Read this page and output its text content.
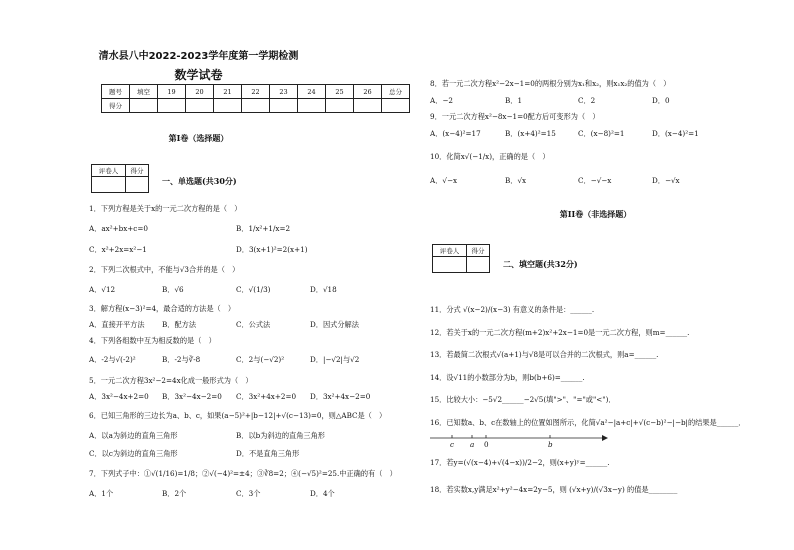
清水县八中2022-2023学年度第一学期检测
数学试卷
题号	填空	19	20	21	22	23	24	25	26	总分
得分										
第I卷（选择题）
评卷人	得分

一、单选题(共30分)
1．下列方程是关于x的一元二次方程的是（　）
A．ax²+bx+c=0	B．1/x²+1/x=2
C．x²+2x=x²−1	D．3(x+1)²=2(x+1)
2．下列二次根式中，不能与√3合并的是（　）
A．√12	B．√6	C．√(1/3)	D．√18
3．解方程(x−3)²=4，最合适的方法是（　）
A．直接开平方法 B．配方法	C．公式法	D．因式分解法
4．下列各组数中互为相反数的是（　）
A．-2与√(-2)²	B．-2与∛-8	C．2与(−√2)²	D．|−√2|与√2
5．一元二次方程3x²−2=4x化成一般形式为（　）
A．3x²−4x+2=0 B．3x²−4x−2=0 C．3x²+4x+2=0 D．3x²+4x−2=0
6．已知三角形的三边长为a、b、c，如果(a−5)²+|b−12|+√(c−13)=0，则△ABC是（　）
A．以a为斜边的直角三角形	B．以b为斜边的直角三角形
C．以c为斜边的直角三角形	D．不是直角三角形
7．下列式子中：①√(1/16)=1/8；②√(−4)²=±4；③∛8=2；④(−√5)²=25.中正确的有（　）
A．1个	B．2个	C．3个	D．4个
8．若一元二次方程x²−2x−1=0的两根分别为x₁和x₂，则x₁x₂的值为（　）
A．−2	B．1	C．2	D．0
9．一元二次方程x²−8x−1=0配方后可变形为（　）
A．(x−4)²=17	B．(x+4)²=15	C．(x−8)²=1	D．(x−4)²=1
10．化简x√(−1/x)，正确的是（　）
A．√−x	B．√x	C．−√−x	D．−√x
第II卷（非选择题）
评卷人	得分

二、填空题(共32分)
11．分式 √(x−2)/(x−3) 有意义的条件是：______.
12．若关于x的一元二次方程(m+2)x²+2x−1=0是一元二次方程，则m=______.
13．若最简二次根式√(a+1)与√8是可以合并的二次根式，则a=______.
14．设√11的小数部分为b，则b(b+6)=______.
15．比较大小：−5√2______−2√5(填">"、"="或"<")．
16．已知数a、b、c在数轴上的位置如图所示，化简√a²−|a+c|+√(c−b)²−|−b|的结果是______．
c a 0	b
17．若y=(√(x−4)+√(4−x))/2−2，则(x+y)ʸ=______.
18．若实数x,y满足x²+y²−4x=2y−5，则 (√x+y)/(√3x−y) 的值是________
